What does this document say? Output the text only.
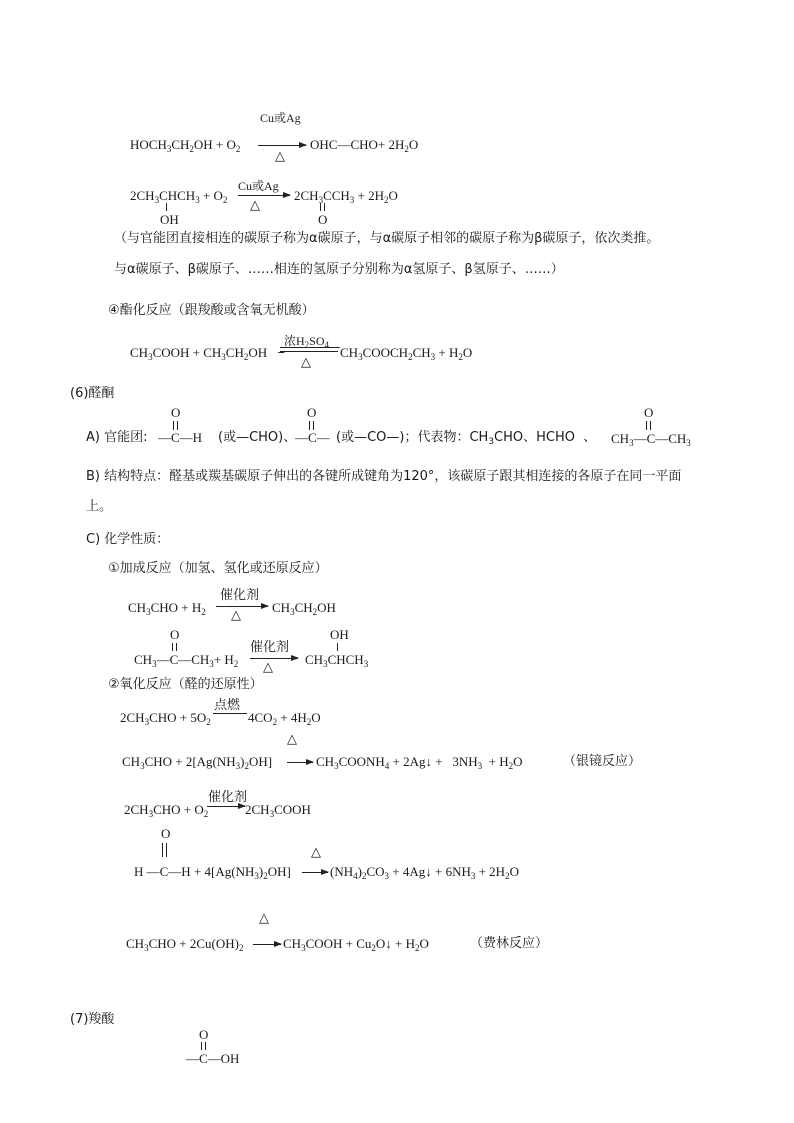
Cu或Ag
$HOCH_3CH_2OH + O_2$ →
△
OHC—CHO+ $2H_2O$
$2CH_3CHCH_3 + O_2$
Cu或Ag
△
$2CH_3CCH_3 + 2H_2O$
OH	O
（与官能团直接相连的碳原子称为α碳原子，与α碳原子相邻的碳原子称为β碳原子，依次类推。
与α碳原子、β碳原子、……相连的氢原子分别称为α氢原子、β氢原子、……）
④酯化反应（跟羧酸或含氧无机酸）
$CH_3COOH + CH_3CH_2OH$
浓$H_2SO_4$
△
$CH_3COOCH_2CH_3 + H_2O$
(6)醛酮
A) 官能团:
O
—C—H (或—CHO)、
O
—C— (或—CO—)；代表物：$CH_3CHO$、HCHO  、
O
$CH_3—C—CH_3$
B) 结构特点：醛基或羰基碳原子伸出的各键所成键角为120°，该碳原子跟其相连接的各原子在同一平面
上。
C) 化学性质：
①加成反应（加氢、氢化或还原反应）
$CH_3CHO + H_2$
催化剂
△ $CH_3CH_2OH$
O
$CH_3—C—CH_3+ H_2$
催化剂
△
OH
$CH_3CHCH_3$
②氧化反应（醛的还原性）
点燃
$2CH_3CHO + 5O_2$	$4CO_2 + 4H_2O$
△
$CH_3CHO + 2[Ag(NH_3)_2OH]$ → $CH_3COONH_4$ + 2Ag↓ +   $3NH_3 + H_2O$	（银镜反应）
催化剂
$2CH_3CHO + O_2$ → $2CH_3COOH$
O
△
H —C—H + $4[Ag(NH_3)_2OH] \to (NH_4)_2CO_3$ + 4Ag↓ + $6NH_3 + 2H_2O$
△
$CH_3CHO + 2Cu(OH)_2$ → $CH_3COOH$ + $Cu_2O↓ + H_2O$	（费林反应）
(7)羧酸
O
—C—OH
